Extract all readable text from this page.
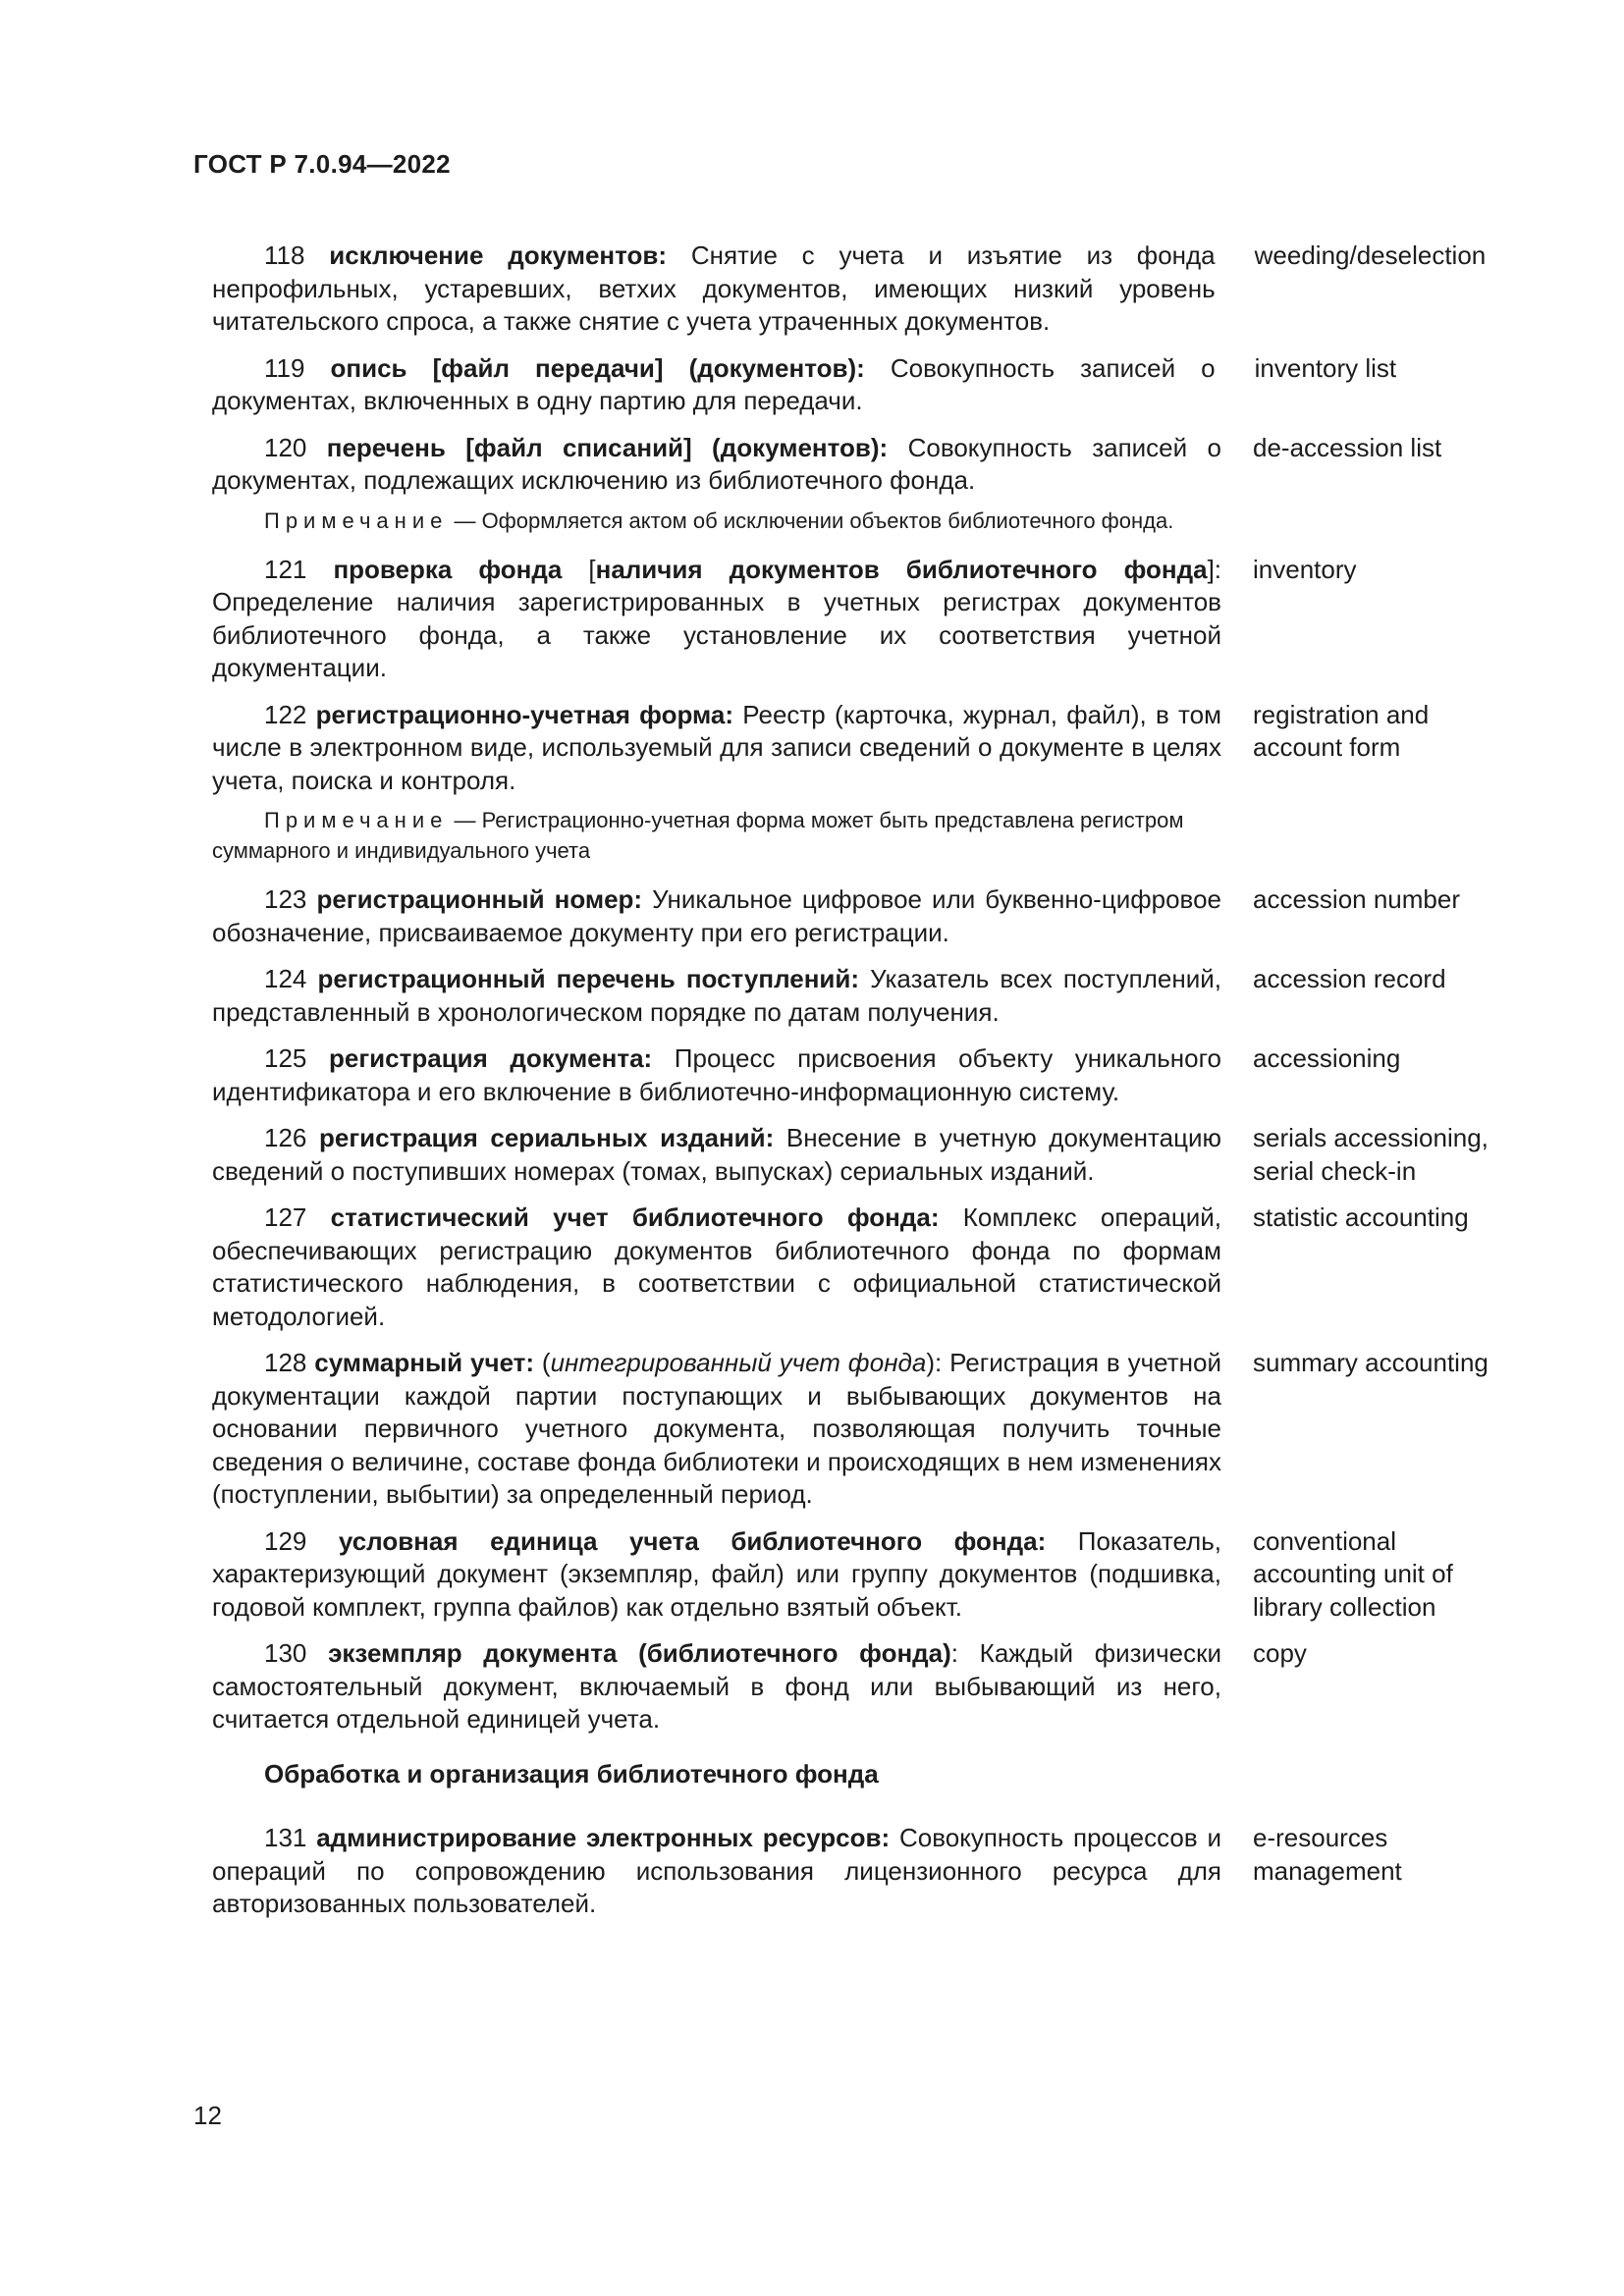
ГОСТ Р 7.0.94—2022
118 исключение документов: Снятие с учета и изъятие из фонда непрофильных, устаревших, ветхих документов, имеющих низкий уровень читательского спроса, а также снятие с учета утраченных документов.
weeding/deselection
119 опись [файл передачи] (документов): Совокупность записей о документах, включенных в одну партию для передачи.
inventory list
120 перечень [файл списаний] (документов): Совокупность записей о документах, подлежащих исключению из библиотечного фонда.
de-accession list
Примечание — Оформляется актом об исключении объектов библиотечного фонда.
121 проверка фонда [наличия документов библиотечного фонда]: Определение наличия зарегистрированных в учетных регистрах документов библиотечного фонда, а также установление их соответствия учетной документации.
inventory
122 регистрационно-учетная форма: Реестр (карточка, журнал, файл), в том числе в электронном виде, используемый для записи сведений о документе в целях учета, поиска и контроля.
registration and account form
Примечание — Регистрационно-учетная форма может быть представлена регистром суммарного и индивидуального учета
123 регистрационный номер: Уникальное цифровое или буквенно-цифровое обозначение, присваиваемое документу при его регистрации.
accession number
124 регистрационный перечень поступлений: Указатель всех поступлений, представленный в хронологическом порядке по датам получения.
accession record
125 регистрация документа: Процесс присвоения объекту уникального идентификатора и его включение в библиотечно-информационную систему.
accessioning
126 регистрация сериальных изданий: Внесение в учетную документацию сведений о поступивших номерах (томах, выпусках) сериальных изданий.
serials accessioning, serial check-in
127 статистический учет библиотечного фонда: Комплекс операций, обеспечивающих регистрацию документов библиотечного фонда по формам статистического наблюдения, в соответствии с официальной статистической методологией.
statistic accounting
128 суммарный учет: (интегрированный учет фонда): Регистрация в учетной документации каждой партии поступающих и выбывающих документов на основании первичного учетного документа, позволяющая получить точные сведения о величине, составе фонда библиотеки и происходящих в нем изменениях (поступлении, выбытии) за определенный период.
summary accounting
129 условная единица учета библиотечного фонда: Показатель, характеризующий документ (экземпляр, файл) или группу документов (подшивка, годовой комплект, группа файлов) как отдельно взятый объект.
conventional accounting unit of library collection
130 экземпляр документа (библиотечного фонда): Каждый физически самостоятельный документ, включаемый в фонд или выбывающий из него, считается отдельной единицей учета.
copy
Обработка и организация библиотечного фонда
131 администрирование электронных ресурсов: Совокупность процессов и операций по сопровождению использования лицензионного ресурса для авторизованных пользователей.
e-resources management
12
